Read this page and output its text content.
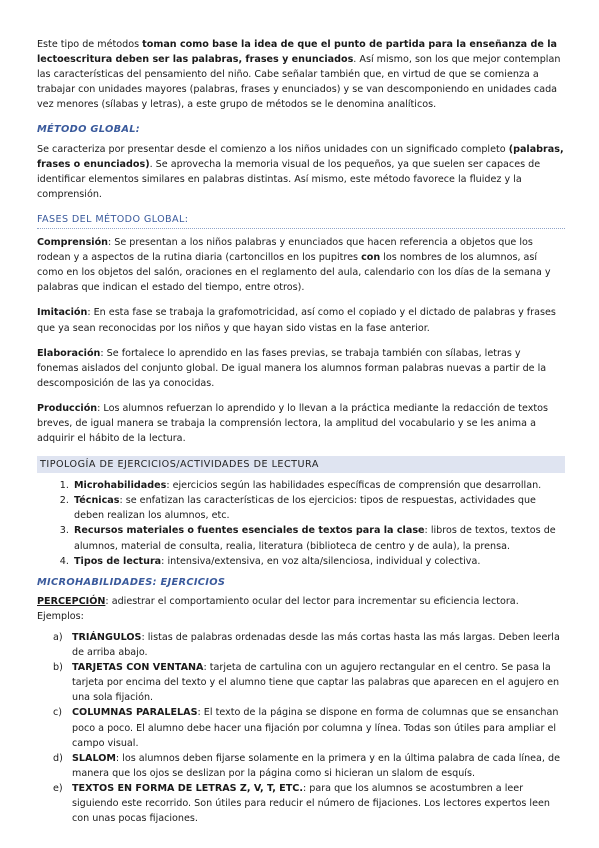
Este tipo de métodos toman como base la idea de que el punto de partida para la enseñanza de la lectoescritura deben ser las palabras, frases y enunciados. Así mismo, son los que mejor contemplan las características del pensamiento del niño. Cabe señalar también que, en virtud de que se comienza a trabajar con unidades mayores (palabras, frases y enunciados) y se van descomponiendo en unidades cada vez menores (sílabas y letras), a este grupo de métodos se le denomina analíticos.

MÉTODO GLOBAL:

Se caracteriza por presentar desde el comienzo a los niños unidades con un significado completo (palabras, frases o enunciados). Se aprovecha la memoria visual de los pequeños, ya que suelen ser capaces de identificar elementos similares en palabras distintas. Así mismo, este método favorece la fluidez y la comprensión.

FASES DEL MÉTODO GLOBAL:

Comprensión: Se presentan a los niños palabras y enunciados que hacen referencia a objetos que los rodean y a aspectos de la rutina diaria (cartoncillos en los pupitres con los nombres de los alumnos, así como en los objetos del salón, oraciones en el reglamento del aula, calendario con los días de la semana y palabras que indican el estado del tiempo, entre otros).

Imitación: En esta fase se trabaja la grafomotricidad, así como el copiado y el dictado de palabras y frases que ya sean reconocidas por los niños y que hayan sido vistas en la fase anterior.

Elaboración: Se fortalece lo aprendido en las fases previas, se trabaja también con sílabas, letras y fonemas aislados del conjunto global. De igual manera los alumnos forman palabras nuevas a partir de la descomposición de las ya conocidas.

Producción: Los alumnos refuerzan lo aprendido y lo llevan a la práctica mediante la redacción de textos breves, de igual manera se trabaja la comprensión lectora, la amplitud del vocabulario y se les anima a adquirir el hábito de la lectura.

TIPOLOGÍA DE EJERCICIOS/ACTIVIDADES DE LECTURA

1. Microhabilidades: ejercicios según las habilidades específicas de comprensión que desarrollan.
2. Técnicas: se enfatizan las características de los ejercicios: tipos de respuestas, actividades que deben realizan los alumnos, etc.
3. Recursos materiales o fuentes esenciales de textos para la clase: libros de textos, textos de alumnos, material de consulta, realia, literatura (biblioteca de centro y de aula), la prensa.
4. Tipos de lectura: intensiva/extensiva, en voz alta/silenciosa, individual y colectiva.

MICROHABILIDADES: EJERCICIOS

PERCEPCIÓN: adiestrar el comportamiento ocular del lector para incrementar su eficiencia lectora. Ejemplos:

a) TRIÁNGULOS: listas de palabras ordenadas desde las más cortas hasta las más largas. Deben leerla de arriba abajo.
b) TARJETAS CON VENTANA: tarjeta de cartulina con un agujero rectangular en el centro. Se pasa la tarjeta por encima del texto y el alumno tiene que captar las palabras que aparecen en el agujero en una sola fijación.
c) COLUMNAS PARALELAS: El texto de la página se dispone en forma de columnas que se ensanchan poco a poco. El alumno debe hacer una fijación por columna y línea. Todas son útiles para ampliar el campo visual.
d) SLALOM: los alumnos deben fijarse solamente en la primera y en la última palabra de cada línea, de manera que los ojos se deslizan por la página como si hicieran un slalom de esquís.
e) TEXTOS EN FORMA DE LETRAS Z, V, T, ETC.: para que los alumnos se acostumbren a leer siguiendo este recorrido. Son útiles para reducir el número de fijaciones. Los lectores expertos leen con unas pocas fijaciones.
